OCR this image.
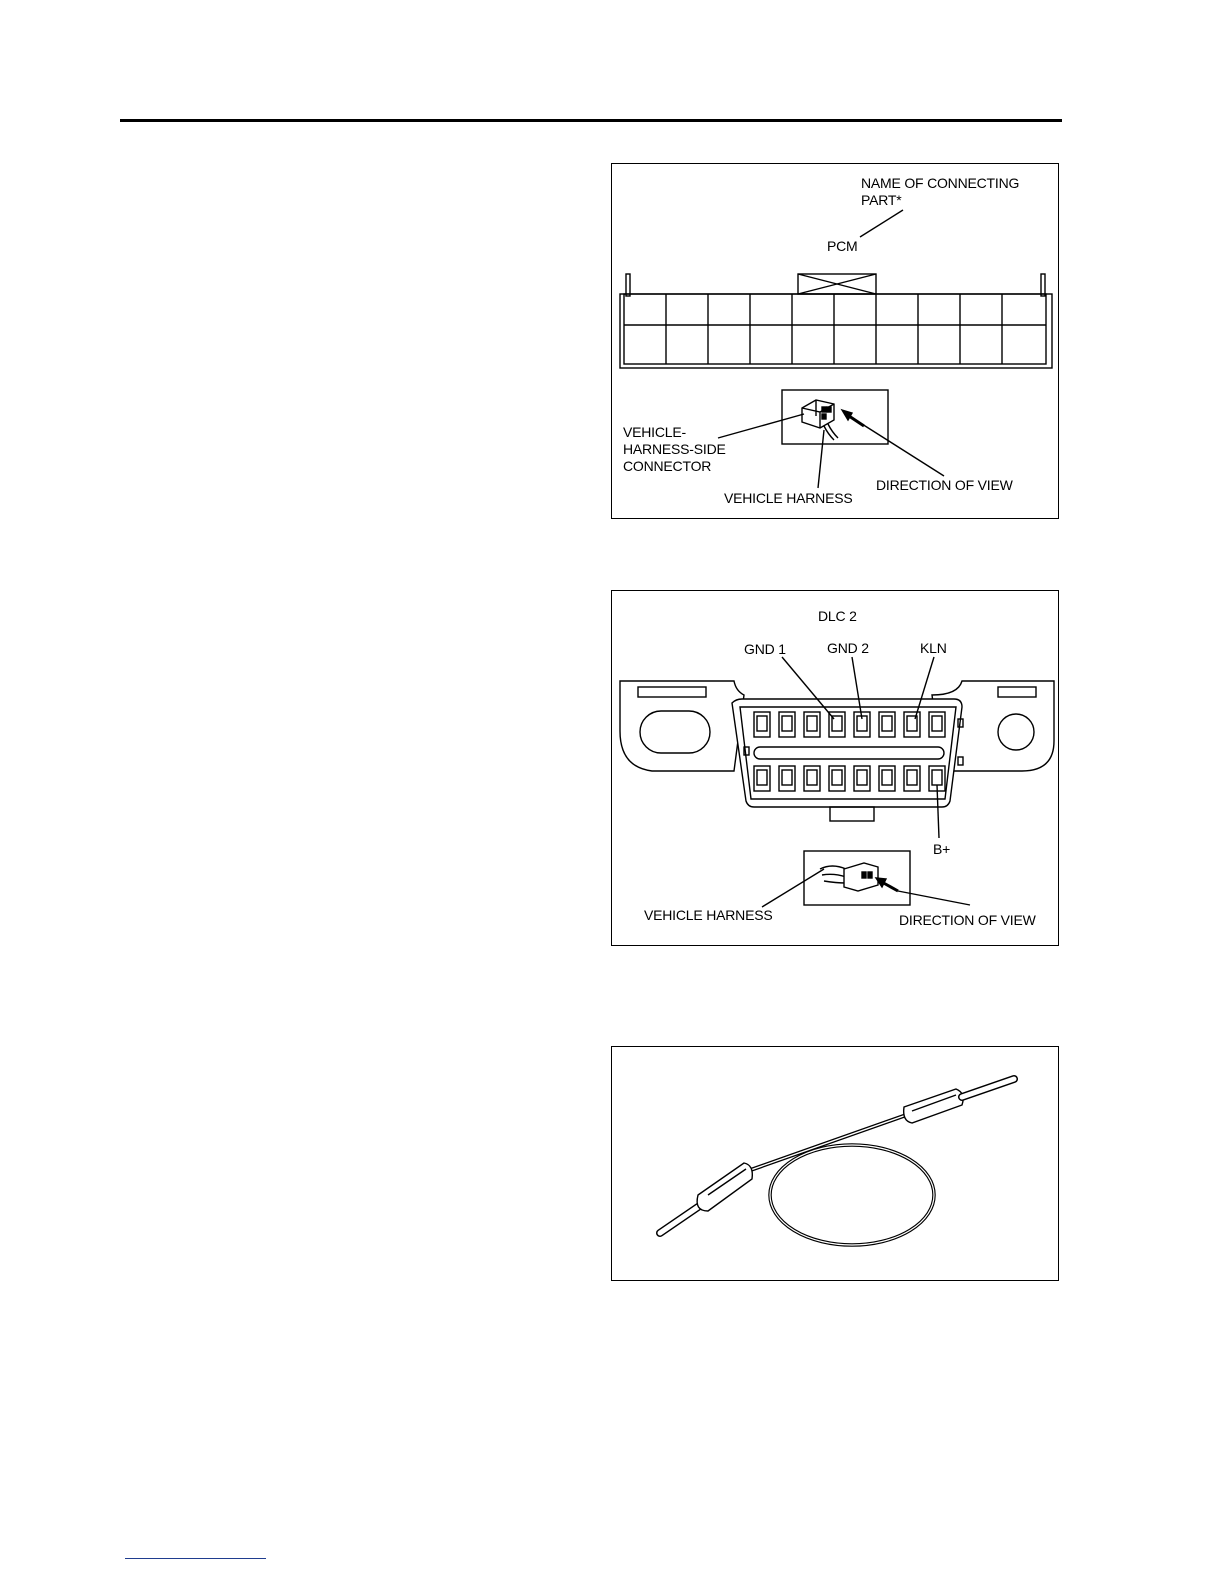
NAME OF CONNECTING
PART*
PCM
VEHICLE-
HARNESS-SIDE
CONNECTOR
VEHICLE HARNESS
DIRECTION OF VIEW
DLC 2
GND 1	GND 2	KLN
B+
VEHICLE HARNESS	DIRECTION OF VIEW
